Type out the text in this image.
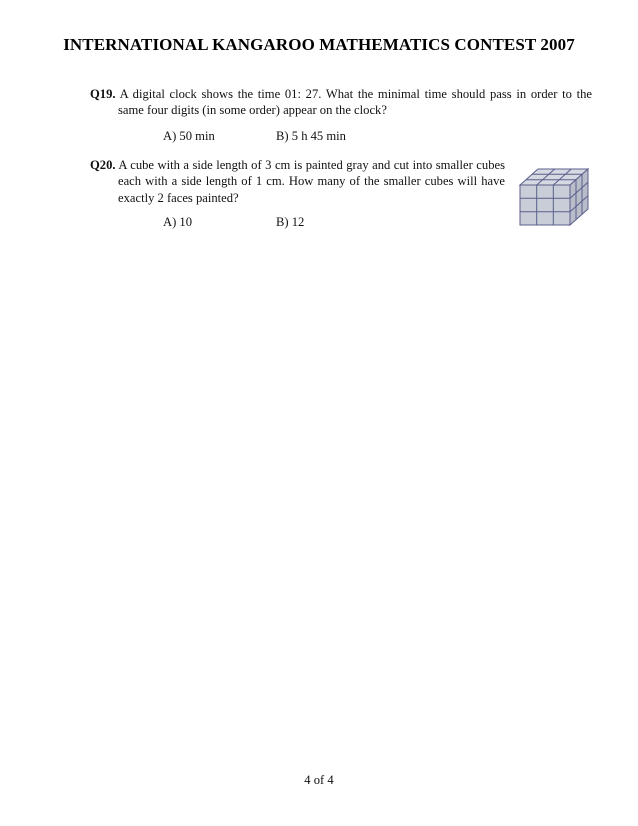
INTERNATIONAL KANGAROO MATHEMATICS CONTEST 2007
Q19. A digital clock shows the time 01: 27. What the minimal time should pass in order to the same four digits (in some order) appear on the clock?
A) 50 min	B) 5 h 45 min
Q20. A cube with a side length of 3 cm is painted gray and cut into smaller cubes each with a side length of 1 cm. How many of the smaller cubes will have exactly 2 faces painted?
A) 10	B) 12
4 of 4
